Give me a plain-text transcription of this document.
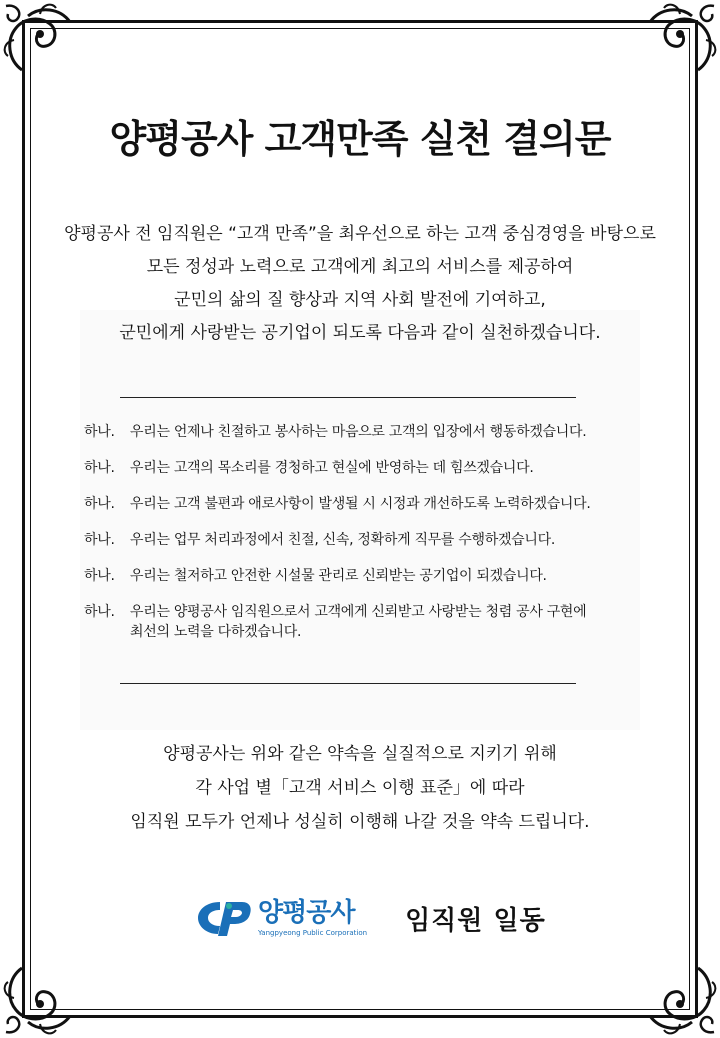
양평공사 고객만족 실천 결의문

양평공사 전 임직원은 “고객 만족”을 최우선으로 하는 고객 중심경영을 바탕으로

모든 정성과 노력으로 고객에게 최고의 서비스를 제공하여

군민의 삶의 질 향상과 지역 사회 발전에 기여하고,

군민에게 사랑받는 공기업이 되도록 다음과 같이 실천하겠습니다.

하나.	우리는 언제나 친절하고 봉사하는 마음으로 고객의 입장에서 행동하겠습니다.
하나.	우리는 고객의 목소리를 경청하고 현실에 반영하는 데 힘쓰겠습니다.
하나.	우리는 고객 불편과 애로사항이 발생될 시 시정과 개선하도록 노력하겠습니다.
하나.	우리는 업무 처리과정에서 친절, 신속, 정확하게 직무를 수행하겠습니다.
하나.	우리는 철저하고 안전한 시설물 관리로 신뢰받는 공기업이 되겠습니다.
하나.	우리는 양평공사 임직원으로서 고객에게 신뢰받고 사랑받는 청렴 공사 구현에
최선의 노력을 다하겠습니다.

양평공사는 위와 같은 약속을 실질적으로 지키기 위해

각 사업 별「고객 서비스 이행 표준」에 따라

임직원 모두가 언제나 성실히 이행해 나갈 것을 약속 드립니다.

양평공사
Yangpyeong Public Corporation 임직원 일동
